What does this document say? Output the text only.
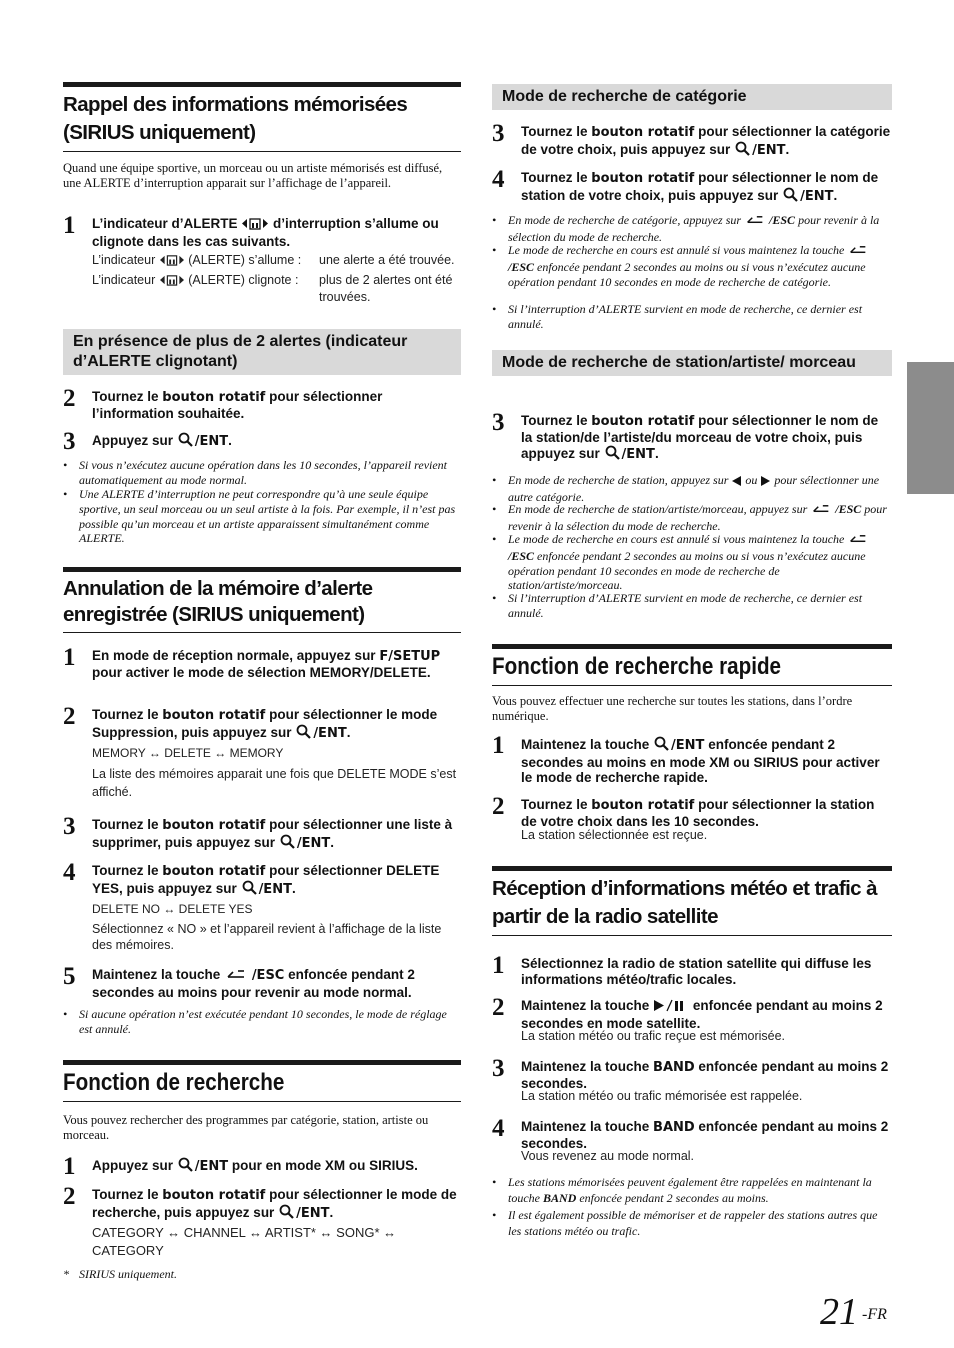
Rappel des informations mémorisées (SIRIUS uniquement)
Quand une équipe sportive, un morceau ou un artiste mémorisés est diffusé, une ALERTE d’interruption apparait sur l’affichage de l’appareil.
1 L’indicateur d’ALERTE	d’interruption s’allume ou clignote dans les cas suivants.
L’indicateur (ALERTE) s’allume :	une alerte a été trouvée.
L’indicateur (ALERTE) clignote :	plus de 2 alertes ont été trouvées.
En présence de plus de 2 alertes (indicateur d’ALERTE clignotant)
2 Tournez le bouton rotatif pour sélectionner l’information souhaitée.
3 Appuyez sur /ENT.
• Si vous n’exécutez aucune opération dans les 10 secondes, l’appareil revient automatiquement au mode normal.
• Une ALERTE d’interruption ne peut correspondre qu’à une seule équipe sportive, un seul morceau ou un seul artiste à la fois. Par exemple, il n’est pas possible qu’un morceau et un artiste apparaissent simultanément comme ALERTE.
Annulation de la mémoire d’alerte enregistrée (SIRIUS uniquement)
1 En mode de réception normale, appuyez sur F/SETUP pour activer le mode de sélection MEMORY/DELETE.
2 Tournez le bouton rotatif pour sélectionner le mode Suppression, puis appuyez sur /ENT.
MEMORY ↔ DELETE ↔ MEMORY
La liste des mémoires apparait une fois que DELETE MODE s’est affiché.
3 Tournez le bouton rotatif pour sélectionner une liste à supprimer, puis appuyez sur /ENT.
4 Tournez le bouton rotatif pour sélectionner DELETE YES, puis appuyez sur /ENT.
DELETE NO ↔ DELETE YES
Sélectionnez « NO » et l’appareil revient à l’affichage de la liste des mémoires.
5 Maintenez la touche /ESC enfoncée pendant 2 secondes au moins pour revenir au mode normal.
• Si aucune opération n’est exécutée pendant 10 secondes, le mode de réglage est annulé.
Fonction de recherche
Vous pouvez rechercher des programmes par catégorie, station, artiste ou morceau.
1 Appuyez sur /ENT pour en mode XM ou SIRIUS.
2 Tournez le bouton rotatif pour sélectionner le mode de recherche, puis appuyez sur /ENT.
CATEGORY ↔ CHANNEL ↔ ARTIST* ↔ SONG* ↔ CATEGORY
* SIRIUS uniquement.
Mode de recherche de catégorie
3 Tournez le bouton rotatif pour sélectionner la catégorie de votre choix, puis appuyez sur /ENT.
4 Tournez le bouton rotatif pour sélectionner le nom de station de votre choix, puis appuyez sur /ENT.
• En mode de recherche de catégorie, appuyez sur /ESC pour revenir à la sélection du mode de recherche.
• Le mode de recherche en cours est annulé si vous maintenez la touche  /ESC enfoncée pendant 2 secondes au moins ou si vous n’exécutez aucune opération pendant 10 secondes en mode de recherche de catégorie.
• Si l’interruption d’ALERTE survient en mode de recherche, ce dernier est annulé.
Mode de recherche de station/artiste/ morceau
3 Tournez le bouton rotatif pour sélectionner le nom de la station/de l’artiste/du morceau de votre choix, puis appuyez sur /ENT.
• En mode de recherche de station, appuyez sur ou pour sélectionner une autre catégorie.
• En mode de recherche de station/artiste/morceau, appuyez sur /ESC pour revenir à la sélection du mode de recherche.
• Le mode de recherche en cours est annulé si vous maintenez la touche  /ESC enfoncée pendant 2 secondes au moins ou si vous n’exécutez aucune opération pendant 10 secondes en mode de recherche de station/artiste/morceau.
• Si l’interruption d’ALERTE survient en mode de recherche, ce dernier est annulé.
Fonction de recherche rapide
Vous pouvez effectuer une recherche sur toutes les stations, dans l’ordre numérique.
1 Maintenez la touche /ENT enfoncée pendant 2 secondes au moins en mode XM ou SIRIUS pour activer le mode de recherche rapide.
2 Tournez le bouton rotatif pour sélectionner la station de votre choix dans les 10 secondes.
La station sélectionnée est reçue.
Réception d’informations météo et trafic à partir de la radio satellite
1 Sélectionnez la radio de station satellite qui diffuse les informations météo/trafic locales.
2 Maintenez la touche	enfoncée pendant au moins 2 secondes en mode satellite.
La station météo ou trafic reçue est mémorisée.
3 Maintenez la touche BAND enfoncée pendant au moins 2 secondes.
La station météo ou trafic mémorisée est rappelée.
4 Maintenez la touche BAND enfoncée pendant au moins 2 secondes.
Vous revenez au mode normal.
• Les stations mémorisées peuvent également être rappelées en maintenant la touche BAND enfoncée pendant 2 secondes au moins.
• Il est également possible de mémoriser et de rappeler des stations autres que les stations météo ou trafic.
21 -FR
